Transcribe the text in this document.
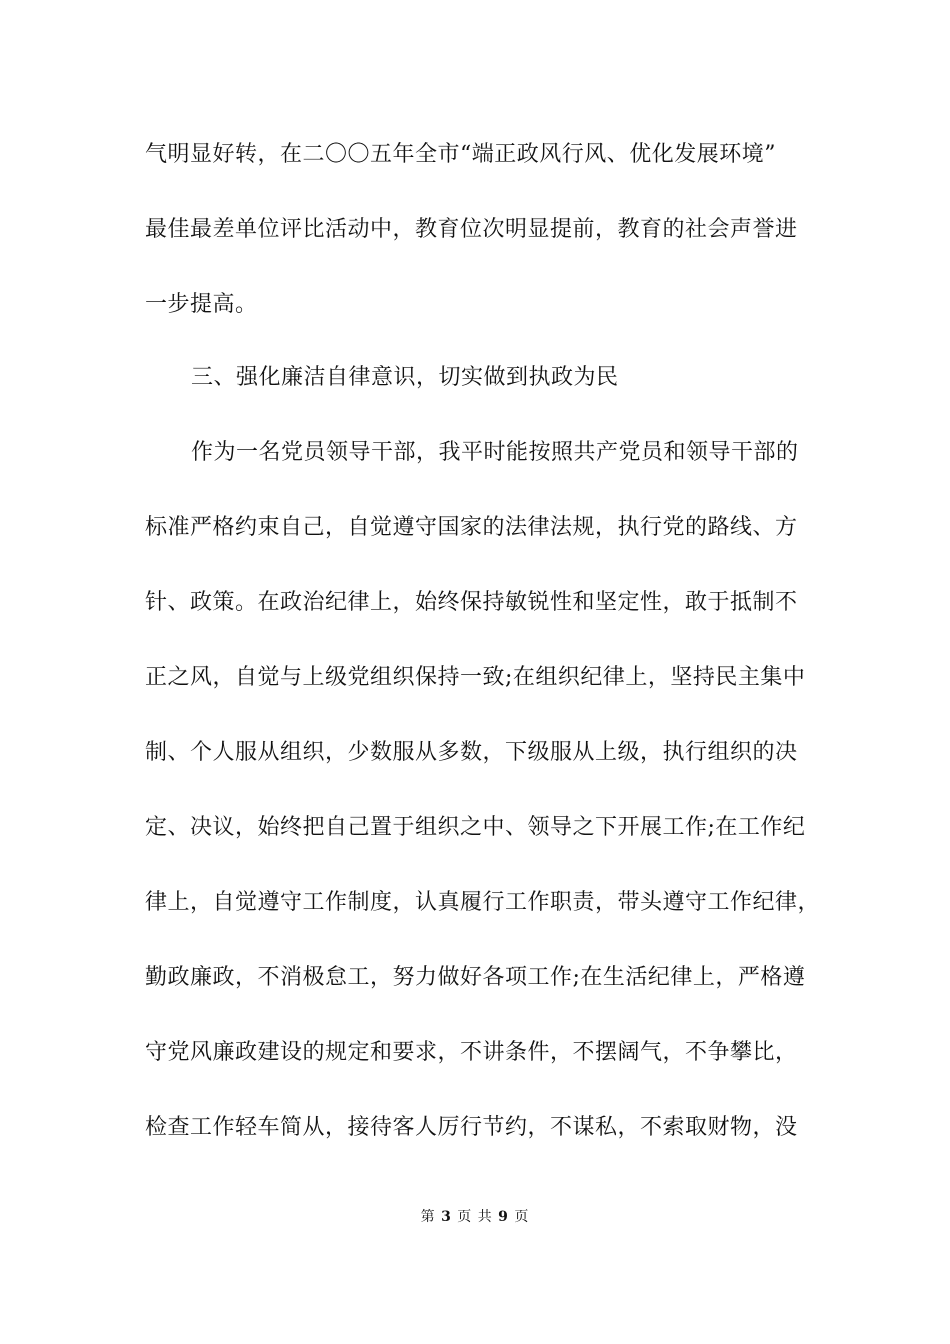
气明显好转，在二〇〇五年全市“端正政风行风、优化发展环境”
最佳最差单位评比活动中，教育位次明显提前，教育的社会声誉进
一步提高。
三、强化廉洁自律意识，切实做到执政为民
作为一名党员领导干部，我平时能按照共产党员和领导干部的
标准严格约束自己，自觉遵守国家的法律法规，执行党的路线、方
针、政策。在政治纪律上，始终保持敏锐性和坚定性，敢于抵制不
正之风，自觉与上级党组织保持一致;在组织纪律上，坚持民主集中
制、个人服从组织，少数服从多数，下级服从上级，执行组织的决
定、决议，始终把自己置于组织之中、领导之下开展工作;在工作纪
律上，自觉遵守工作制度，认真履行工作职责，带头遵守工作纪律，
勤政廉政，不消极怠工，努力做好各项工作;在生活纪律上，严格遵
守党风廉政建设的规定和要求，不讲条件，不摆阔气，不争攀比，
检查工作轻车简从，接待客人厉行节约，不谋私，不索取财物，没
第 3 页 共 9 页
